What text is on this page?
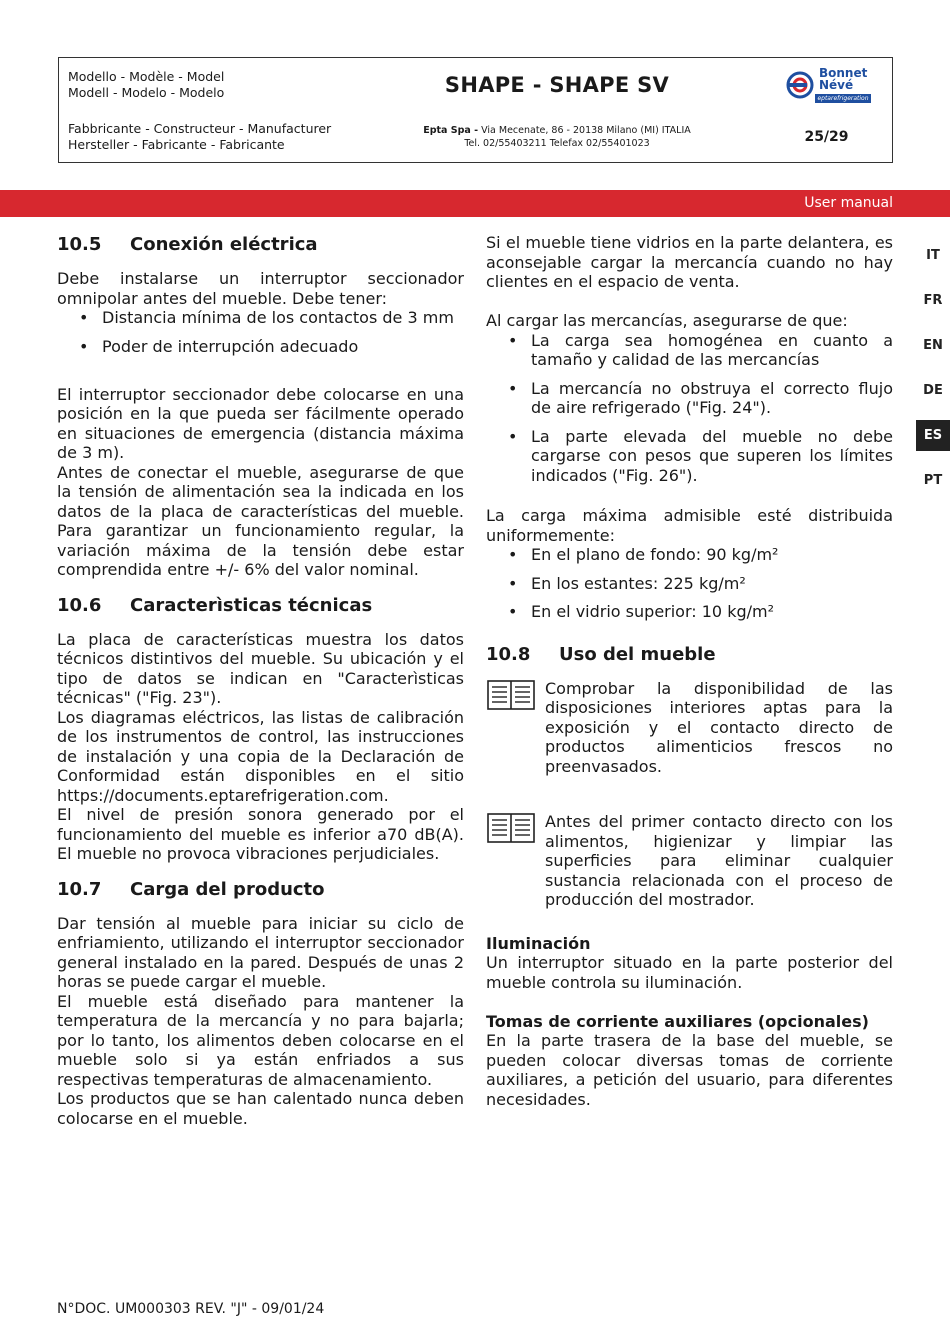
Modello - Modèle - Model
Modell - Modelo - Modelo	SHAPE - SHAPE SV	Bonnet
Névé
eptarefrigeration
Fabbricante - Constructeur - Manufacturer
Hersteller - Fabricante - Fabricante
Epta Spa - Via Mecenate, 86 - 20138 Milano (MI) ITALIA
Tel. 02/55403211 Telefax 02/55401023	25/29
User manual
IT
FR
EN
DE
ES
PT
10.5	Conexión eléctrica

Debe instalarse un interruptor seccionador omnipolar antes del mueble. Debe tener:

• Distancia mínima de los contactos de 3 mm
• Poder de interrupción adecuado

El interruptor seccionador debe colocarse en una posición en la que pueda ser fácilmente operado en situaciones de emergencia (distancia máxima de 3 m).

Antes de conectar el mueble, asegurarse de que la tensión de alimentación sea la indicada en los datos de la placa de características del mueble. Para garantizar un funcionamiento regular, la variación máxima de la tensión debe estar comprendida entre +/- 6% del valor nominal.

10.6	Caracterìsticas técnicas

La placa de características muestra los datos técnicos distintivos del mueble. Su ubicación y el tipo de datos se indican en "Caracterìsticas técnicas" ("Fig. 23").

Los diagramas eléctricos, las listas de calibración de los instrumentos de control, las instrucciones de instalación y una copia de la Declaración de Conformidad están disponibles en el sitio https://documents.eptarefrigeration.com.

El nivel de presión sonora generado por el funcionamiento del mueble es inferior a70 dB(A). El mueble no provoca vibraciones perjudiciales.

10.7	Carga del producto

Dar tensión al mueble para iniciar su ciclo de enfriamiento, utilizando el interruptor seccionador general instalado en la pared. Después de unas 2 horas se puede cargar el mueble.

El mueble está diseñado para mantener la temperatura de la mercancía y no para bajarla; por lo tanto, los alimentos deben colocarse en el mueble solo si ya están enfriados a sus respectivas temperaturas de almacenamiento.

Los productos que se han calentado nunca deben colocarse en el mueble.

Si el mueble tiene vidrios en la parte delantera, es aconsejable cargar la mercancía cuando no hay clientes en el espacio de venta.

Al cargar las mercancías, asegurarse de que:

• La carga sea homogénea en cuanto a tamaño y calidad de las mercancías
• La mercancía no obstruya el correcto flujo de aire refrigerado ("Fig. 24").
• La parte elevada del mueble no debe cargarse con pesos que superen los límites indicados ("Fig. 26").

La carga máxima admisible esté distribuida uniformemente:

• En el plano de fondo: 90 kg/m²
• En los estantes: 225 kg/m²
• En el vidrio superior: 10 kg/m²
10.8	Uso del mueble

Comprobar la disponibilidad de las disposiciones interiores aptas para la exposición y el contacto directo de productos alimenticios frescos no preenvasados.

Antes del primer contacto directo con los alimentos, higienizar y limpiar las superficies para eliminar cualquier sustancia relacionada con el proceso de producción del mostrador.

Iluminación

Un interruptor situado en la parte posterior del mueble controla su iluminación.

Tomas de corriente auxiliares (opcionales)

En la parte trasera de la base del mueble, se pueden colocar diversas tomas de corriente auxiliares, a petición del usuario, para diferentes necesidades.

N°DOC. UM000303 REV. "J" - 09/01/24
